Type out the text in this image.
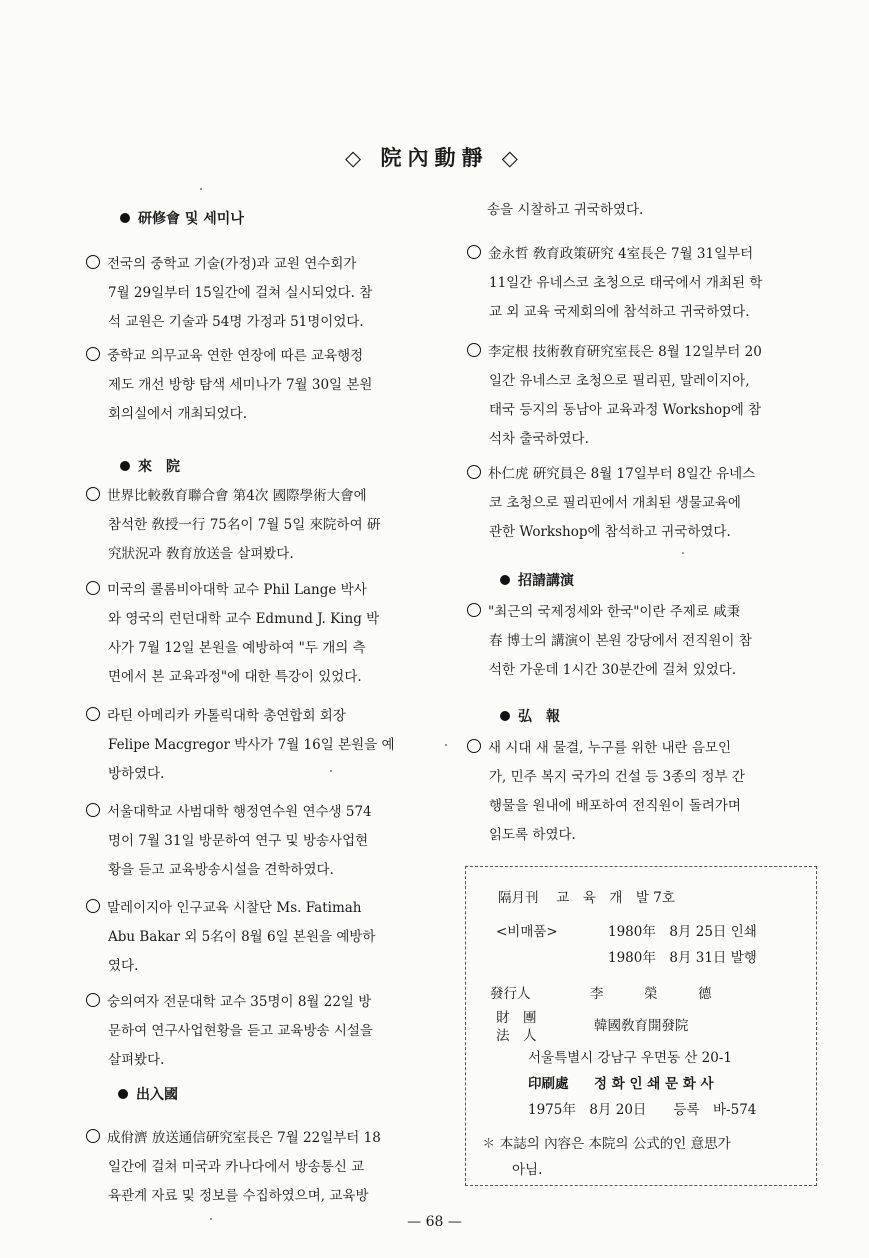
◇ 院內動靜 ◇
研修會 및 세미나
전국의 중학교 기술(가정)과 교원 연수회가
7월 29일부터 15일간에 걸쳐 실시되었다. 참
석 교원은 기술과 54명 가정과 51명이었다.
중학교 의무교육 연한 연장에 따른 교육행정
제도 개선 방향 탐색 세미나가 7월 30일 본원
회의실에서 개최되었다.
來　院
世界比較敎育聯合會 第4次 國際學術大會에
참석한 敎授一行 75名이 7월 5일 來院하여 硏
究狀況과 敎育放送을 살펴봤다.
미국의 콜롬비아대학 교수 Phil Lange 박사
와 영국의 런던대학 교수 Edmund J. King 박
사가 7월 12일 본원을 예방하여 "두 개의 측
면에서 본 교육과정"에 대한 특강이 있었다.
라틴 아메리카 카톨릭대학 총연합회 회장
Felipe Macgregor 박사가 7월 16일 본원을 예
방하였다.
서울대학교 사범대학 행정연수원 연수생 574
명이 7월 31일 방문하여 연구 및 방송사업현
황을 듣고 교육방송시설을 견학하였다.
말레이지아 인구교육 시찰단 Ms. Fatimah
Abu Bakar 외 5名이 8월 6일 본원을 예방하
였다.
숭의여자 전문대학 교수 35명이 8월 22일 방
문하여 연구사업현황을 듣고 교육방송 시설을
살펴봤다.
出入國
成佾濟 放送通信硏究室長은 7월 22일부터 18
일간에 걸쳐 미국과 카나다에서 방송통신 교
육관계 자료 및 정보를 수집하였으며, 교육방
송을 시찰하고 귀국하였다.
金永哲 敎育政策硏究 4室長은 7월 31일부터
11일간 유네스코 초청으로 태국에서 개최된 학
교 외 교육 국제회의에 참석하고 귀국하였다.
李定根 技術敎育硏究室長은 8월 12일부터 20
일간 유네스코 초청으로 필리핀, 말레이지아,
태국 등지의 동남아 교육과정 Workshop에 참
석차 출국하였다.
朴仁虎 硏究員은 8월 17일부터 8일간 유네스
코 초청으로 필리핀에서 개최된 생물교육에
관한 Workshop에 참석하고 귀국하였다.
招請講演
"최근의 국제정세와 한국"이란 주제로 咸秉
春 博士의 講演이 본원 강당에서 전직원이 참
석한 가운데 1시간 30분간에 걸쳐 있었다.
弘　報
새 시대 새 물결, 누구를 위한 내란 음모인
가, 민주 복지 국가의 건설 등 3종의 정부 간
행물을 원내에 배포하여 전직원이 돌려가며
읽도록 하였다.
隔月刊　 교　육　개　발 7호
<비매품>	1980年　8月 25日 인쇄
1980年　8月 31日 발행
發行人	李　　　榮　　　德
財　團
法　人
韓國敎育開發院
서울특별시 강남구 우면동 산 20-1
印刷處 정 화 인 쇄 문 화 사
1975年　8月 20日　　등록　바-574
✽ 本誌의 內容은 本院의 公式的인 意思가
아님.
— 68 —
